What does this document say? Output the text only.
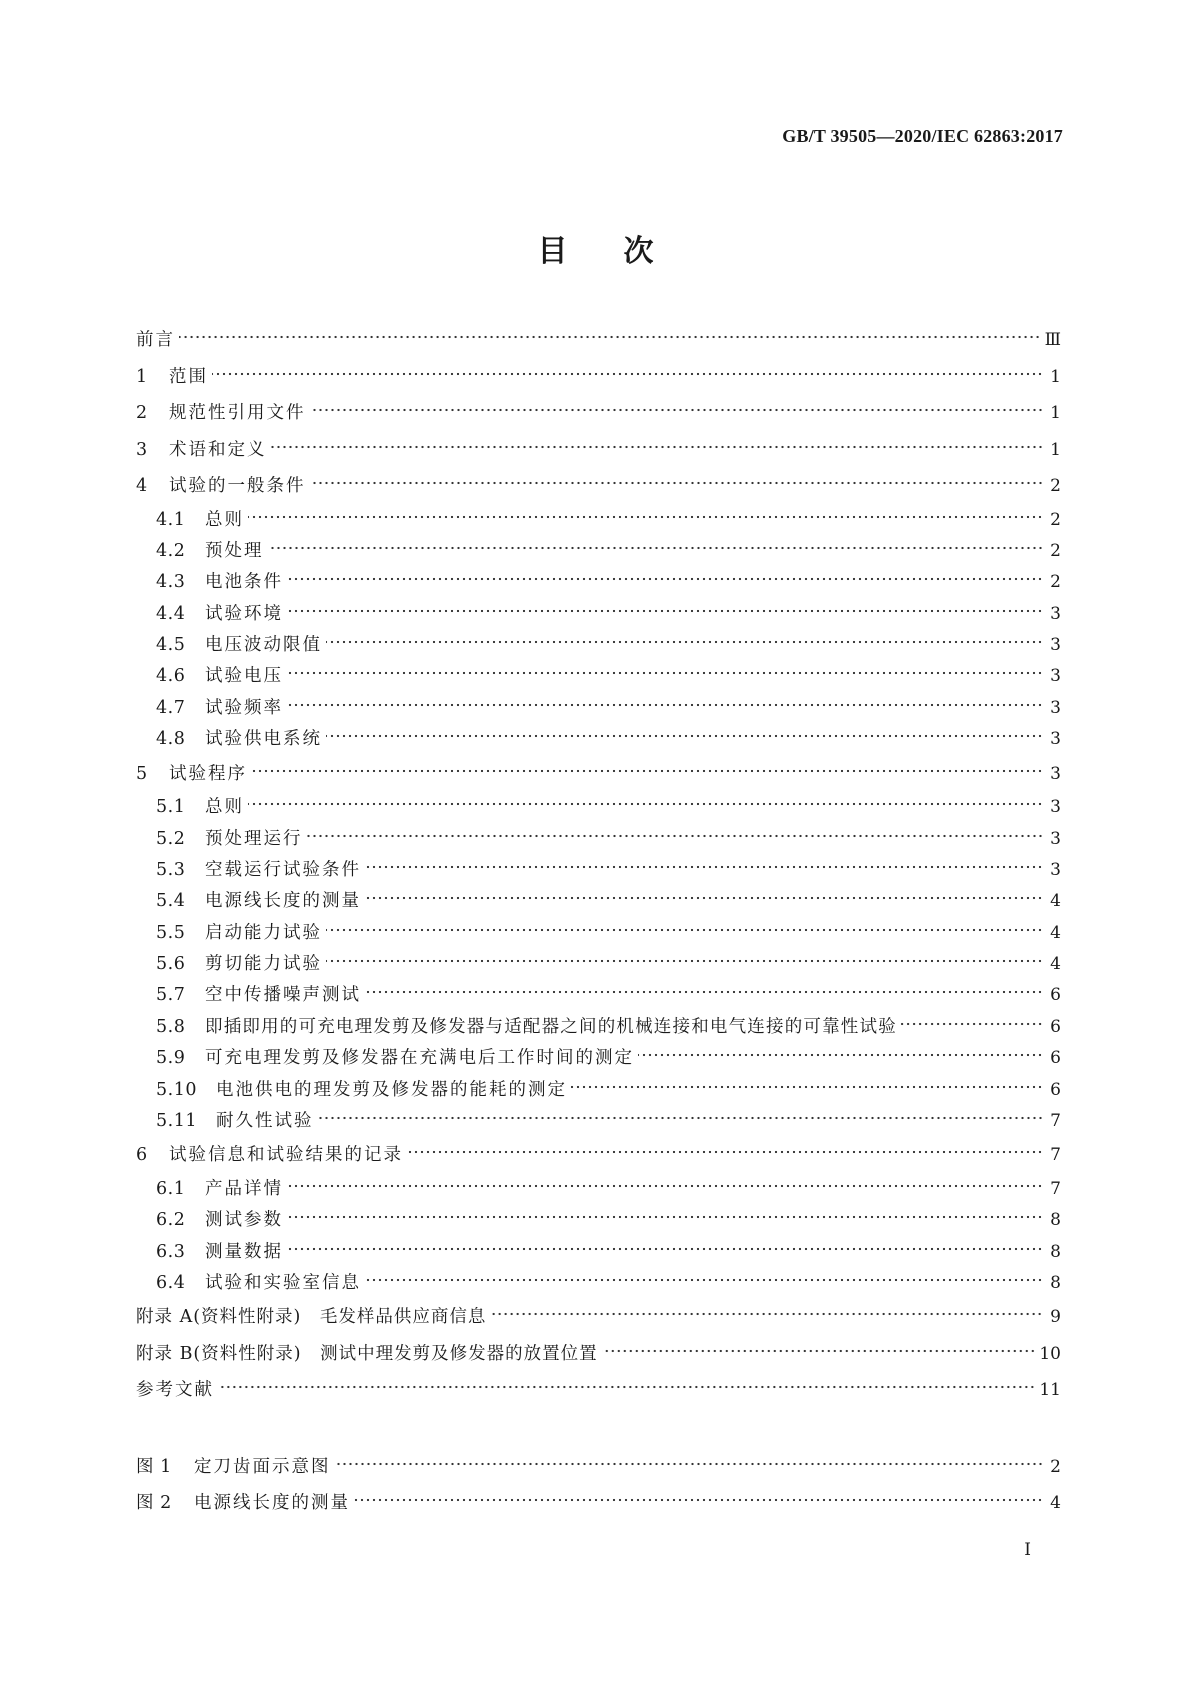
GB/T 39505—2020/IEC 62863:2017
目次
前言	Ⅲ
1	范围	1
2	规范性引用文件	1
3	术语和定义	1
4	试验的一般条件	2
4.1	总则	2
4.2	预处理	2
4.3	电池条件	2
4.4	试验环境	3
4.5	电压波动限值	3
4.6	试验电压	3
4.7	试验频率	3
4.8	试验供电系统	3
5	试验程序	3
5.1	总则	3
5.2	预处理运行	3
5.3	空载运行试验条件	3
5.4	电源线长度的测量	4
5.5	启动能力试验	4
5.6	剪切能力试验	4
5.7	空中传播噪声测试	6
5.8	即插即用的可充电理发剪及修发器与适配器之间的机械连接和电气连接的可靠性试验	6
5.9	可充电理发剪及修发器在充满电后工作时间的测定	6
5.10	电池供电的理发剪及修发器的能耗的测定	6
5.11	耐久性试验	7
6	试验信息和试验结果的记录	7
6.1	产品详情	7
6.2	测试参数	8
6.3	测量数据	8
6.4	试验和实验室信息	8
附录 A(资料性附录)　毛发样品供应商信息	9
附录 B(资料性附录)　测试中理发剪及修发器的放置位置	10
参考文献	11
图 1	定刀齿面示意图	2
图 2	电源线长度的测量	4
I
